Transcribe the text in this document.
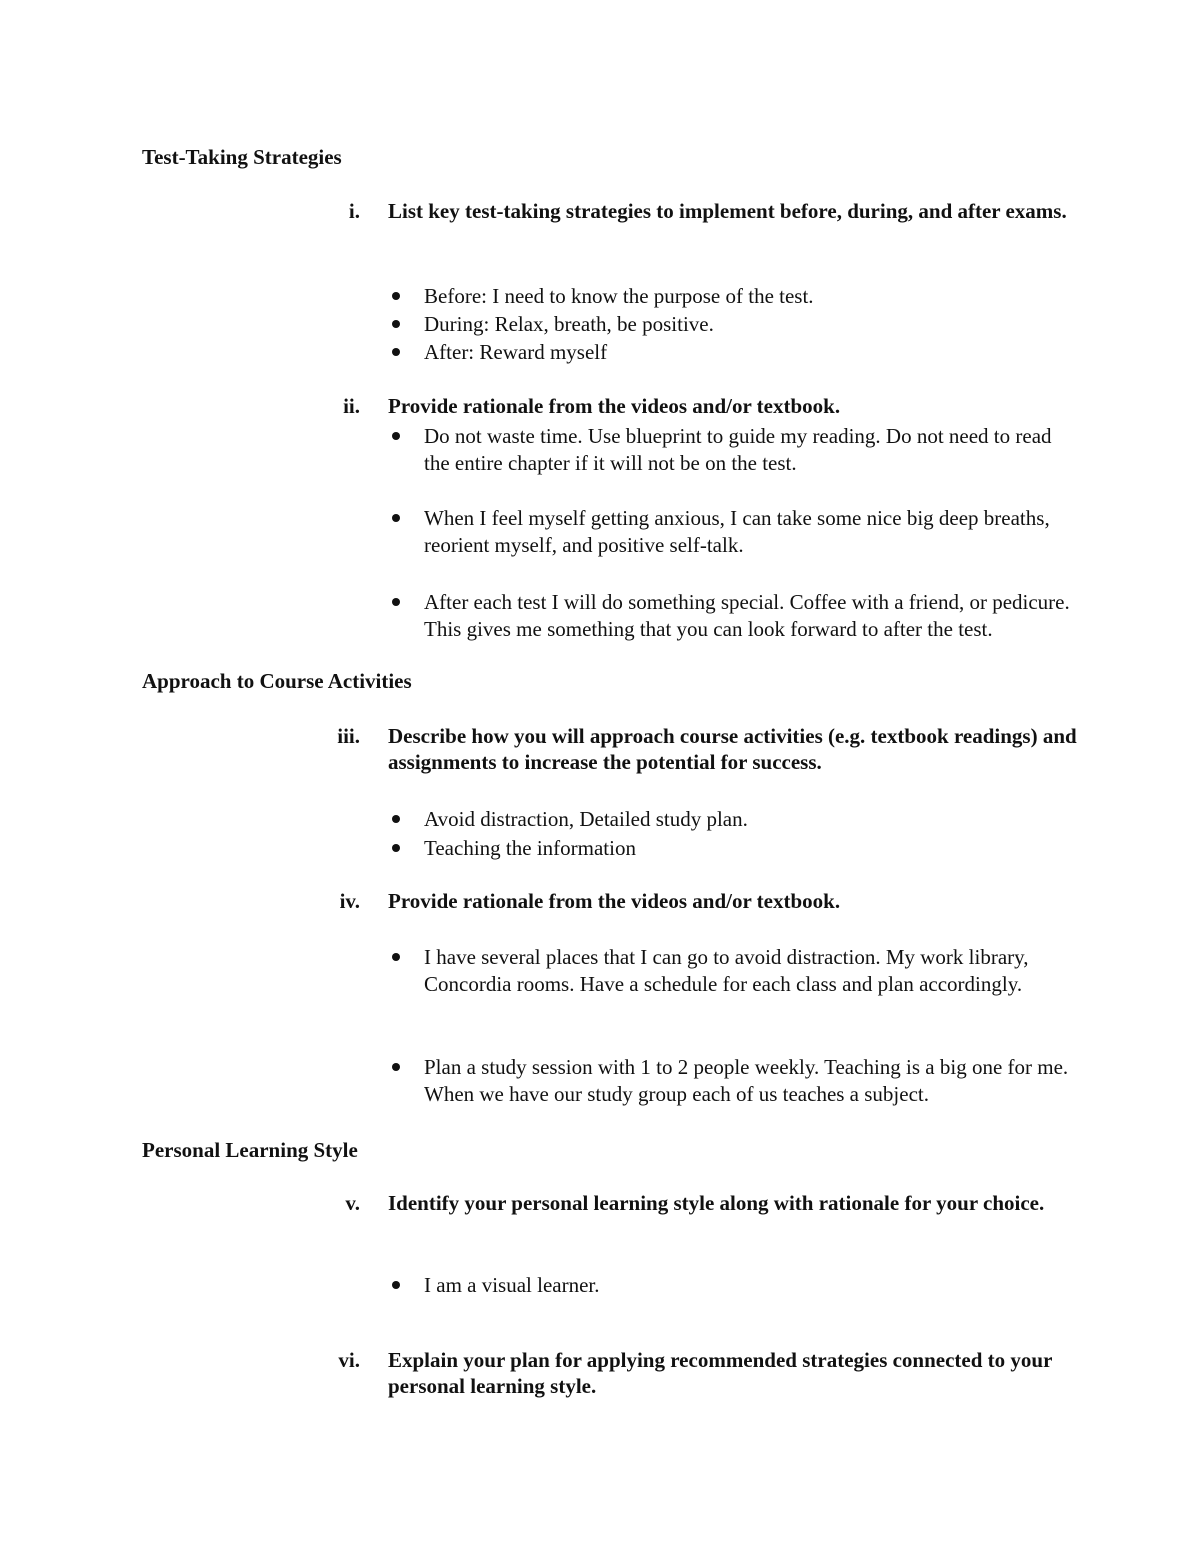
Test-Taking Strategies
i. List key test-taking strategies to implement before, during, and after exams.
Before: I need to know the purpose of the test.
During: Relax, breath, be positive.
After: Reward myself
ii. Provide rationale from the videos and/or textbook.
Do not waste time. Use blueprint to guide my reading. Do not need to read the entire chapter if it will not be on the test.
When I feel myself getting anxious, I can take some nice big deep breaths, reorient myself, and positive self-talk.
After each test I will do something special. Coffee with a friend, or pedicure. This gives me something that you can look forward to after the test.
Approach to Course Activities
iii. Describe how you will approach course activities (e.g. textbook readings) and assignments to increase the potential for success.
Avoid distraction, Detailed study plan.
Teaching the information
iv. Provide rationale from the videos and/or textbook.
I have several places that I can go to avoid distraction. My work library, Concordia rooms. Have a schedule for each class and plan accordingly.
Plan a study session with 1 to 2 people weekly. Teaching is a big one for me. When we have our study group each of us teaches a subject.
Personal Learning Style
v. Identify your personal learning style along with rationale for your choice.
I am a visual learner.
vi. Explain your plan for applying recommended strategies connected to your personal learning style.
